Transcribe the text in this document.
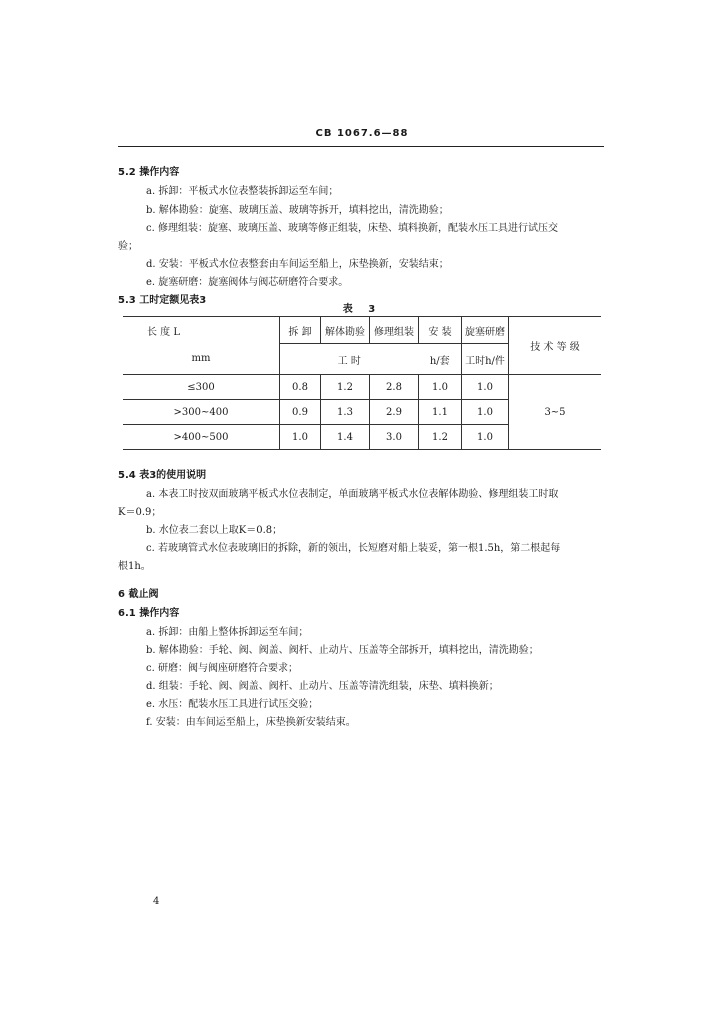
CB 1067.6—88
5.2 操作内容
a. 拆卸：平板式水位表整装拆卸运至车间；
b. 解体勘验：旋塞、玻璃压盖、玻璃等拆开，填料挖出，清洗勘验；
c. 修理组装：旋塞、玻璃压盖、玻璃等修正组装，床垫、填料换新，配装水压工具进行试压交
验；
d. 安装：平板式水位表整套由车间运至船上，床垫换新，安装结束；
e. 旋塞研磨：旋塞阀体与阀芯研磨符合要求。
5.3 工时定额见表3
表 3
长 度 L	拆 卸	解体勘验	修理组装	安 装	旋塞研磨	技 术 等 级
mm	工 时			h/套	工时h/件	
≤300	0.8	1.2	2.8	1.0	1.0	3~5
>300~400	0.9	1.3	2.9	1.1	1.0	
>400~500	1.0	1.4	3.0	1.2	1.0	
5.4 表3的使用说明
a. 本表工时按双面玻璃平板式水位表制定，单面玻璃平板式水位表解体勘验、修理组装工时取
K＝0.9；
b. 水位表二套以上取K＝0.8；
c. 若玻璃管式水位表玻璃旧的拆除，新的领出，长短磨对船上装妥，第一根1.5h，第二根起每
根1h。
6 截止阀
6.1 操作内容
a. 拆卸：由船上整体拆卸运至车间；
b. 解体勘验：手轮、阀、阀盖、阀杆、止动片、压盖等全部拆开，填料挖出，清洗勘验；
c. 研磨：阀与阀座研磨符合要求；
d. 组装：手轮、阀、阀盖、阀杆、止动片、压盖等清洗组装，床垫、填料换新；
e. 水压：配装水压工具进行试压交验；
f. 安装：由车间运至船上，床垫换新安装结束。
4
